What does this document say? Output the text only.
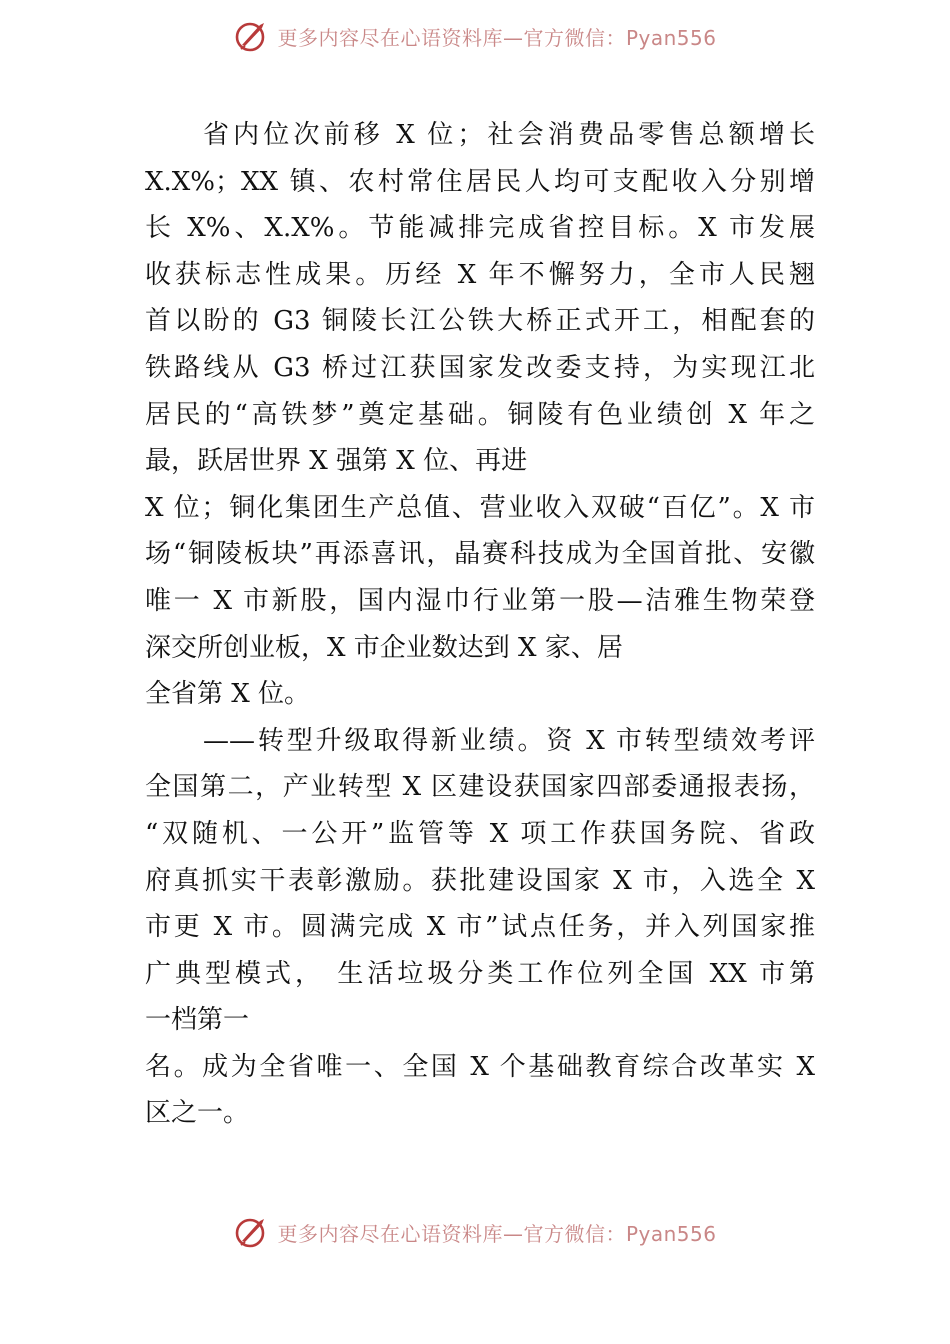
更多内容尽在心语资料库—官方微信：Pyan556
省内位次前移 X 位；社会消费品零售总额增长
X.X%；XX 镇、农村常住居民人均可支配收入分别增
长 X%、X.X%。节能减排完成省控目标。X 市发展
收获标志性成果。历经 X 年不懈努力，全市人民翘
首以盼的 G3 铜陵长江公铁大桥正式开工，相配套的
铁路线从 G3 桥过江获国家发改委支持，为实现江北
居民的“高铁梦”奠定基础。铜陵有色业绩创 X 年之
最，跃居世界 X 强第 X 位、再进
X 位；铜化集团生产总值、营业收入双破“百亿”。X 市
场“铜陵板块”再添喜讯，晶赛科技成为全国首批、安徽
唯一 X 市新股，国内湿巾行业第一股—洁雅生物荣登
深交所创业板，X 市企业数达到 X 家、居
全省第 X 位。
——转型升级取得新业绩。资 X 市转型绩效考评
全国第二，产业转型 X 区建设获国家四部委通报表扬，
“双随机、一公开”监管等 X 项工作获国务院、省政
府真抓实干表彰激励。获批建设国家 X 市，入选全 X
市更 X 市。圆满完成 X 市”试点任务，并入列国家推
广典型模式， 生活垃圾分类工作位列全国 XX 市第
一档第一
名。成为全省唯一、全国 X 个基础教育综合改革实 X
区之一。
更多内容尽在心语资料库—官方微信：Pyan556
